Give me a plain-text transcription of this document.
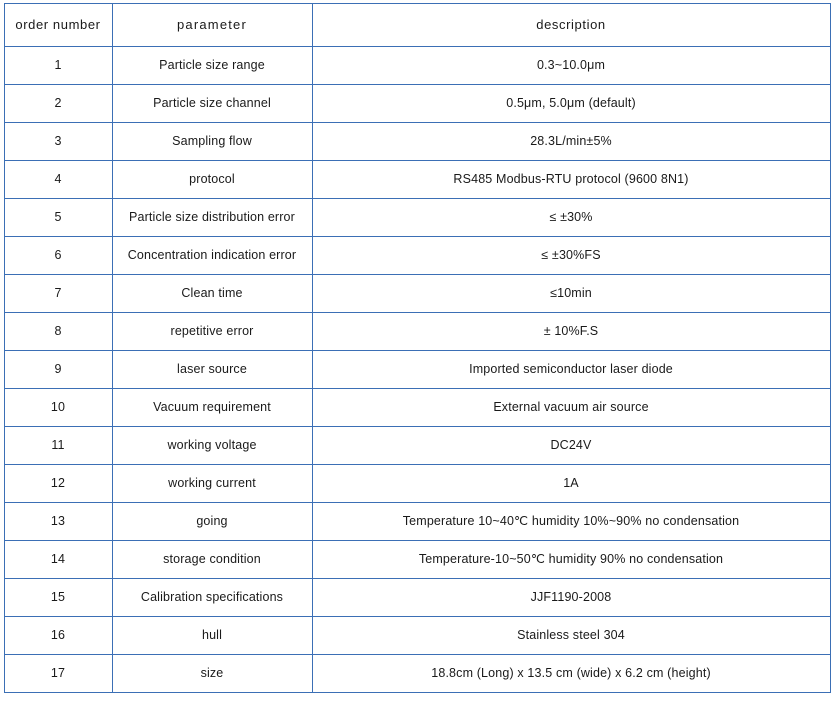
order number	parameter	description
1	Particle size range	0.3~10.0μm
2	Particle size channel	0.5μm, 5.0μm (default)
3	Sampling flow	28.3L/min±5%
4	protocol	RS485 Modbus-RTU protocol (9600 8N1)
5	Particle size distribution error	≤ ±30%
6	Concentration indication error	≤ ±30%FS
7	Clean time	≤10min
8	repetitive error	± 10%F.S
9	laser source	Imported semiconductor laser diode
10	Vacuum requirement	External vacuum air source
11	working voltage	DC24V
12	working current	1A
13	going	Temperature 10~40℃ humidity 10%~90% no condensation
14	storage condition	Temperature-10~50℃ humidity 90% no condensation
15	Calibration specifications	JJF1190-2008
16	hull	Stainless steel 304
17	size	18.8cm (Long) x 13.5 cm (wide) x 6.2 cm (height)
